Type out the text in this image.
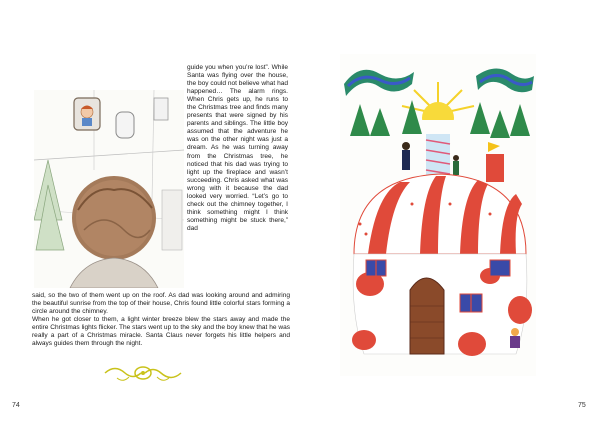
guide you when you’re lost”. While Santa was flying over the house, the boy could not believe what had happened… The alarm rings. When Chris gets up, he runs to the Christmas tree and finds many presents that were signed by his parents and siblings. The little boy assumed that the adventure he was on the other night was just a dream. As he was turning away from the Christmas tree, he noticed that his dad was trying to light up the fireplace and wasn’t succeeding. Chris asked what was wrong with it because the dad looked very worried. “Let’s go to check out the chimney together, I think something might I think something might be stuck there,” dad

said, so the two of them went up on the roof. As dad was looking around and admiring the beautiful sunrise from the top of their house, Chris found little colorful stars forming a circle around the chimney.

When he got closer to them, a light winter breeze blew the stars away and made the entire Christmas lights flicker. The stars went up to the sky and the boy knew that he was really a part of a Christmas miracle. Santa Claus never forgets his little helpers and always guides them through the night.

74	75
